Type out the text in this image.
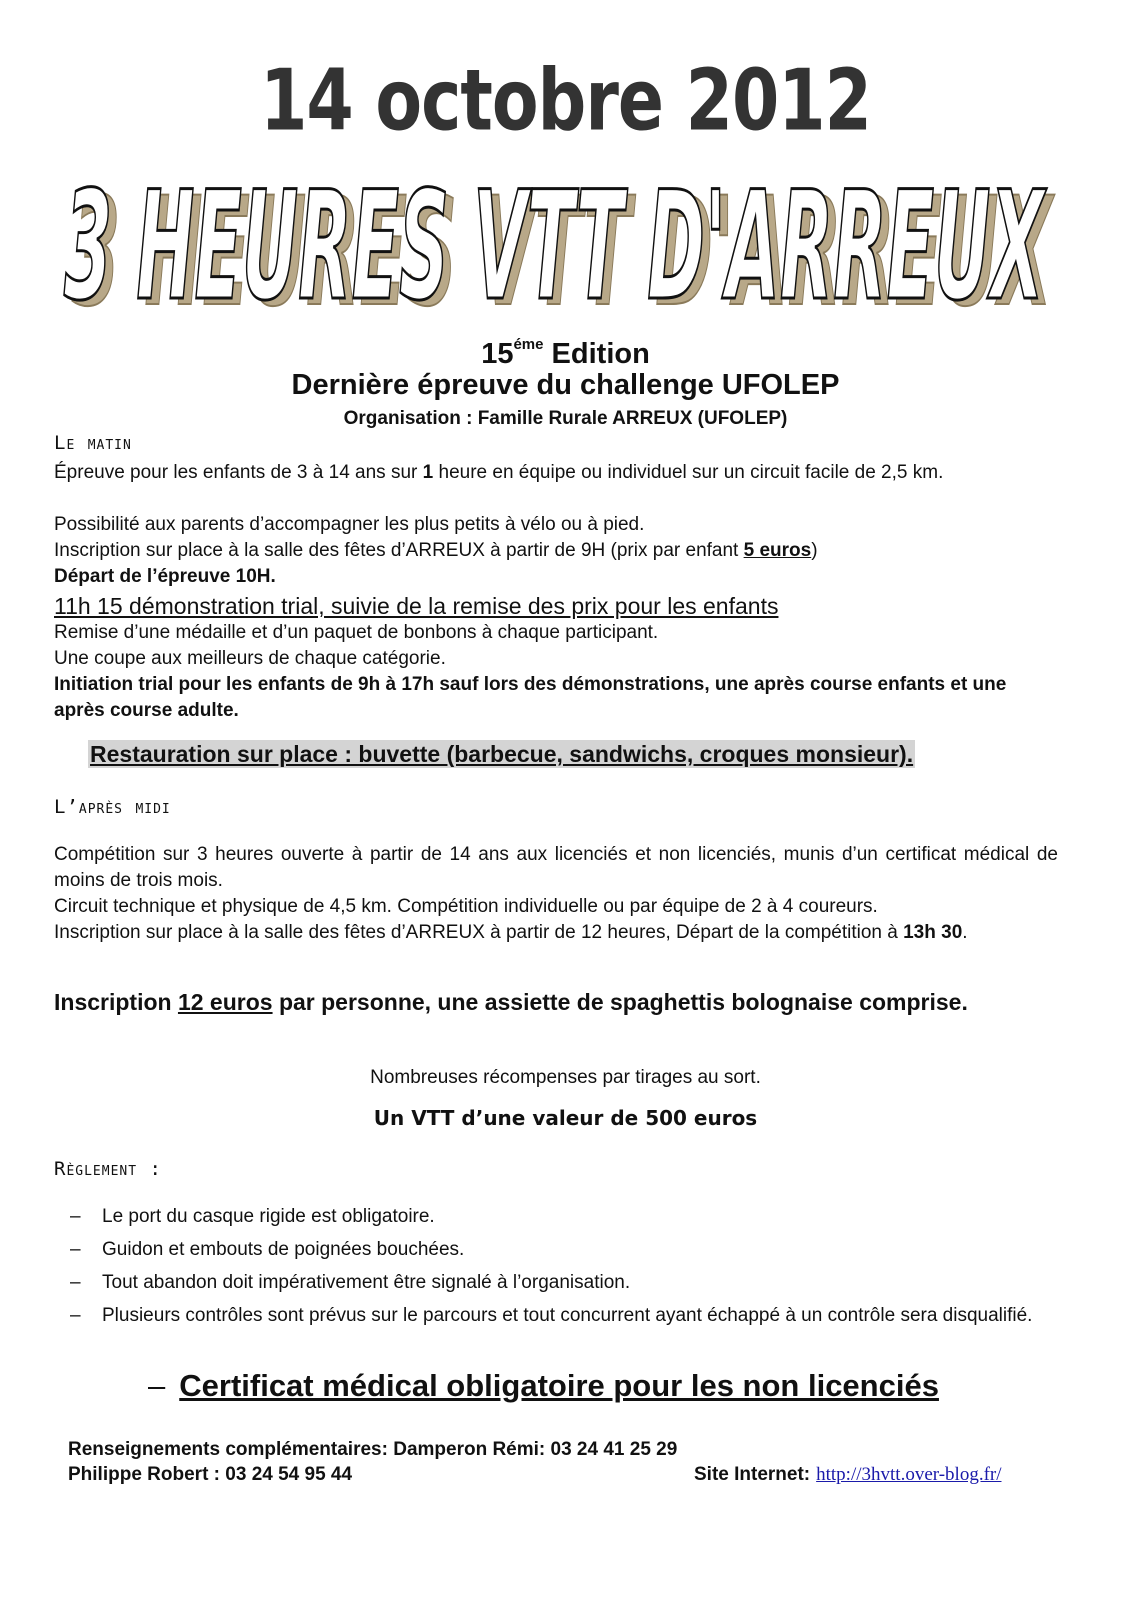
14 octobre 2012
3 HEURES VTT D'ARREUX
3 HEURES VTT D'ARREUX
$15^{éme}$ Edition
Dernière épreuve du challenge UFOLEP
Organisation : Famille Rurale ARREUX (UFOLEP)
Le matin
Épreuve pour les enfants de 3 à 14 ans sur 1 heure en équipe ou individuel sur un circuit facile de 2,5 km.
Possibilité aux parents d’accompagner les plus petits à vélo ou à pied.
Inscription sur place à la salle des fêtes d’ARREUX à partir de 9H (prix par enfant 5 euros)
Départ de l’épreuve 10H.
11h 15 démonstration trial, suivie de la remise des prix pour les enfants
Remise d’une médaille et d’un paquet de bonbons à chaque participant.
Une coupe aux meilleurs de chaque catégorie.
Initiation trial pour les enfants de 9h à 17h sauf lors des démonstrations, une après course enfants et une après course adulte.
Restauration sur place : buvette (barbecue, sandwichs, croques monsieur).
L’après midi
Compétition sur 3 heures ouverte à partir de 14 ans aux licenciés et non licenciés, munis d’un certificat médical de moins de trois mois.
Circuit technique et physique de 4,5 km. Compétition individuelle ou par équipe de 2 à 4 coureurs.
Inscription sur place à la salle des fêtes d’ARREUX à partir de 12 heures, Départ de la compétition à 13h 30.
Inscription 12 euros par personne, une assiette de spaghettis bolognaise comprise.
Nombreuses récompenses par tirages au sort.
Un VTT d’une valeur de 500 euros
Règlement :
– Le port du casque rigide est obligatoire.
– Guidon et embouts de poignées bouchées.
– Tout abandon doit impérativement être signalé à l’organisation.
– Plusieurs contrôles sont prévus sur le parcours et tout concurrent ayant échappé à un contrôle sera disqualifié.
– Certificat médical obligatoire pour les non licenciés
Renseignements complémentaires: Damperon Rémi: 03 24 41 25 29
Philippe Robert : 03 24 54 95 44	Site Internet: http://3hvtt.over-blog.fr/
